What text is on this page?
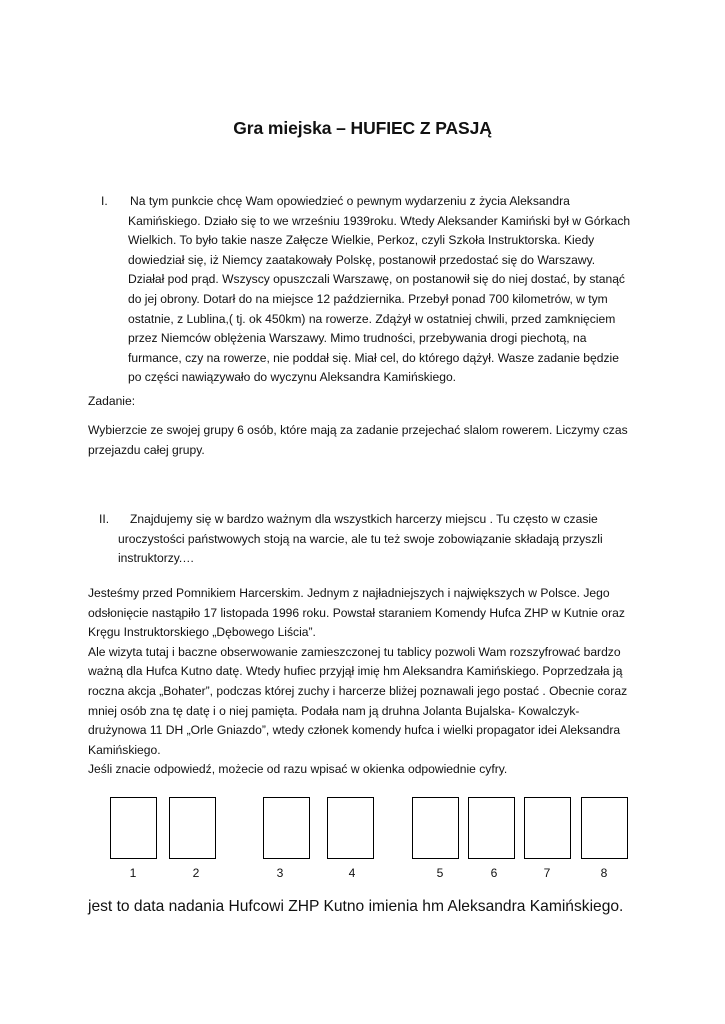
Gra miejska – HUFIEC Z PASJĄ
I. Na tym punkcie chcę Wam opowiedzieć o pewnym wydarzeniu z życia Aleksandra

Kamińskiego. Działo się to we wrześniu 1939roku. Wtedy Aleksander Kamiński był w Górkach

Wielkich. To było takie nasze Załęcze Wielkie, Perkoz, czyli Szkoła Instruktorska. Kiedy

dowiedział się, iż Niemcy zaatakowały Polskę, postanowił przedostać się do Warszawy.

Działał pod prąd. Wszyscy opuszczali Warszawę, on postanowił się do niej dostać, by stanąć

do jej obrony. Dotarł do na miejsce 12 października. Przebył ponad 700 kilometrów, w tym

ostatnie, z Lublina,( tj. ok 450km) na rowerze. Zdążył w ostatniej chwili, przed zamknięciem

przez Niemców oblężenia Warszawy. Mimo trudności, przebywania drogi piechotą, na

furmance, czy na rowerze, nie poddał się. Miał cel, do którego dążył. Wasze zadanie będzie

po części nawiązywało do wyczynu Aleksandra Kamińskiego.

Zadanie:

Wybierzcie ze swojej grupy 6 osób, które mają za zadanie przejechać slalom rowerem. Liczymy czas

przejazdu całej grupy.

II. Znajdujemy się w bardzo ważnym dla wszystkich harcerzy miejscu . Tu często w czasie

uroczystości państwowych stoją na warcie, ale tu też swoje zobowiązanie składają przyszli

instruktorzy.…

Jesteśmy przed Pomnikiem Harcerskim. Jednym z najładniejszych i największych w Polsce. Jego

odsłonięcie nastąpiło 17 listopada 1996 roku. Powstał staraniem Komendy Hufca ZHP w Kutnie oraz

Kręgu Instruktorskiego „Dębowego Liścia”.

Ale wizyta tutaj i baczne obserwowanie zamieszczonej tu tablicy pozwoli Wam rozszyfrować bardzo

ważną dla Hufca Kutno datę. Wtedy hufiec przyjął imię hm Aleksandra Kamińskiego. Poprzedzała ją

roczna akcja „Bohater”, podczas której zuchy i harcerze bliżej poznawali jego postać . Obecnie coraz

mniej osób zna tę datę i o niej pamięta. Podała nam ją druhna Jolanta Bujalska- Kowalczyk-

drużynowa 11 DH „Orle Gniazdo”, wtedy członek komendy hufca i wielki propagator idei Aleksandra

Kamińskiego.

Jeśli znacie odpowiedź, możecie od razu wpisać w okienka odpowiednie cyfry.

1	2	3	4	5	6	7	8
jest to data nadania Hufcowi ZHP Kutno imienia hm Aleksandra Kamińskiego.
